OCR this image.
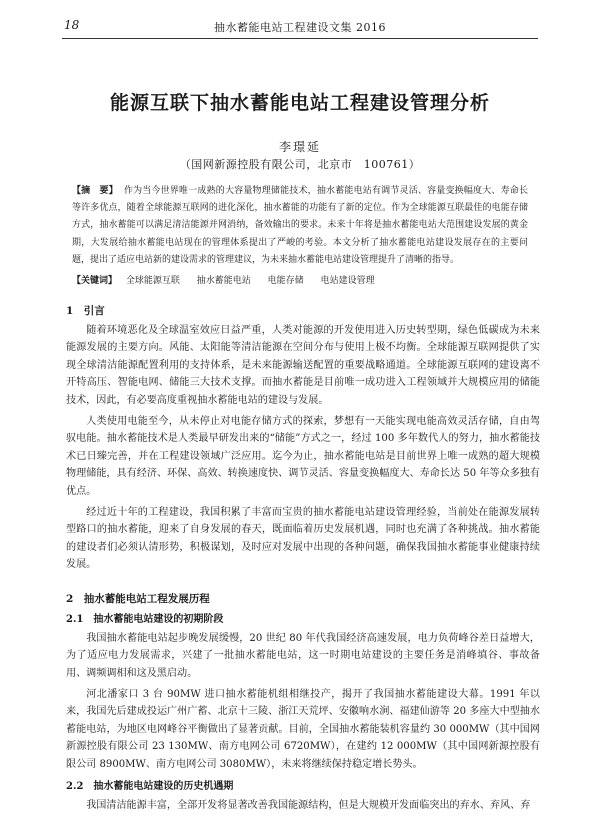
18	抽水蓄能电站工程建设文集 2016
能源互联下抽水蓄能电站工程建设管理分析
李璟延
（国网新源控股有限公司，北京市　100761）
【摘　要】 作为当今世界唯一成熟的大容量物理储能技术，抽水蓄能电站有调节灵活、容量变换幅度大、寿命长等许多优点，随着全球能源互联网的进化深化，抽水蓄能的功能有了新的定位。作为全球能源互联最佳的电能存储方式，抽水蓄能可以满足清洁能源并网消纳，备效输出的要求。未来十年将是抽水蓄能电站大范围建设发展的黄金期，大发展给抽水蓄能电站现在的管理体系提出了严峻的考验。本文分析了抽水蓄能电站建设发展存在的主要问题，提出了适应电站新的建设需求的管理建议，为未来抽水蓄能电站建设管理提升了清晰的指导。
【关键词】 全球能源互联 抽水蓄能电站 电能存储 电站建设管理
1　引言

随着环境恶化及全球温室效应日益严重，人类对能源的开发使用进入历史转型期，绿色低碳成为未来能源发展的主要方向。风能、太阳能等清洁能源在空间分布与使用上极不均衡。全球能源互联网提供了实现全球清洁能源配置利用的支持体系，是未来能源输送配置的重要战略通道。全球能源互联网的建设离不开特高压、智能电网、储能三大技术支撑。而抽水蓄能是目前唯一成功进入工程领域并大规模应用的储能技术，因此，有必要高度重视抽水蓄能电站的建设与发展。

人类使用电能至今，从未停止对电能存储方式的探索，梦想有一天能实现电能高效灵活存储，自由驾驭电能。抽水蓄能技术是人类最早研发出来的“储能”方式之一，经过 100 多年数代人的努力，抽水蓄能技术已日臻完善，并在工程建设领域广泛应用。迄今为止，抽水蓄能电站是目前世界上唯一成熟的超大规模物理储能，具有经济、环保、高效、转换速度快、调节灵活、容量变换幅度大、寿命长达 50 年等众多独有优点。

经过近十年的工程建设，我国积累了丰富而宝贵的抽水蓄能电站建设管理经验，当前处在能源发展转型路口的抽水蓄能，迎来了自身发展的春天，既面临着历史发展机遇，同时也充满了各种挑战。抽水蓄能的建设者们必须认清形势，积极谋划，及时应对发展中出现的各种问题，确保我国抽水蓄能事业健康持续发展。

2　抽水蓄能电站工程发展历程
2.1　抽水蓄能电站建设的初期阶段

我国抽水蓄能电站起步晚发展缓慢，20 世纪 80 年代我国经济高速发展，电力负荷峰谷差日益增大，为了适应电力发展需求，兴建了一批抽水蓄能电站，这一时期电站建设的主要任务是消峰填谷、事故备用、调频调相和这及黑启动。

河北潘家口 3 台 90MW 进口抽水蓄能机组相继投产，揭开了我国抽水蓄能建设大幕。1991 年以来，我国先后建成投运广州广蓄、北京十三陵、浙江天荒坪、安徽响水涧、福建仙游等 20 多座大中型抽水蓄能电站，为地区电网峰谷平衡做出了显著贡献。目前，全国抽水蓄能装机容量约 30 000MW（其中国网新源控股有限公司 23 130MW、南方电网公司 6720MW），在建约 12 000MW（其中国网新源控股有限公司 8900MW、南方电网公司 3080MW），未来将继续保持稳定增长势头。

2.2　抽水蓄能电站建设的历史机遇期

我国清洁能源丰富，全部开发将显著改善我国能源结构，但是大规模开发面临突出的弃水、弃风、弃
